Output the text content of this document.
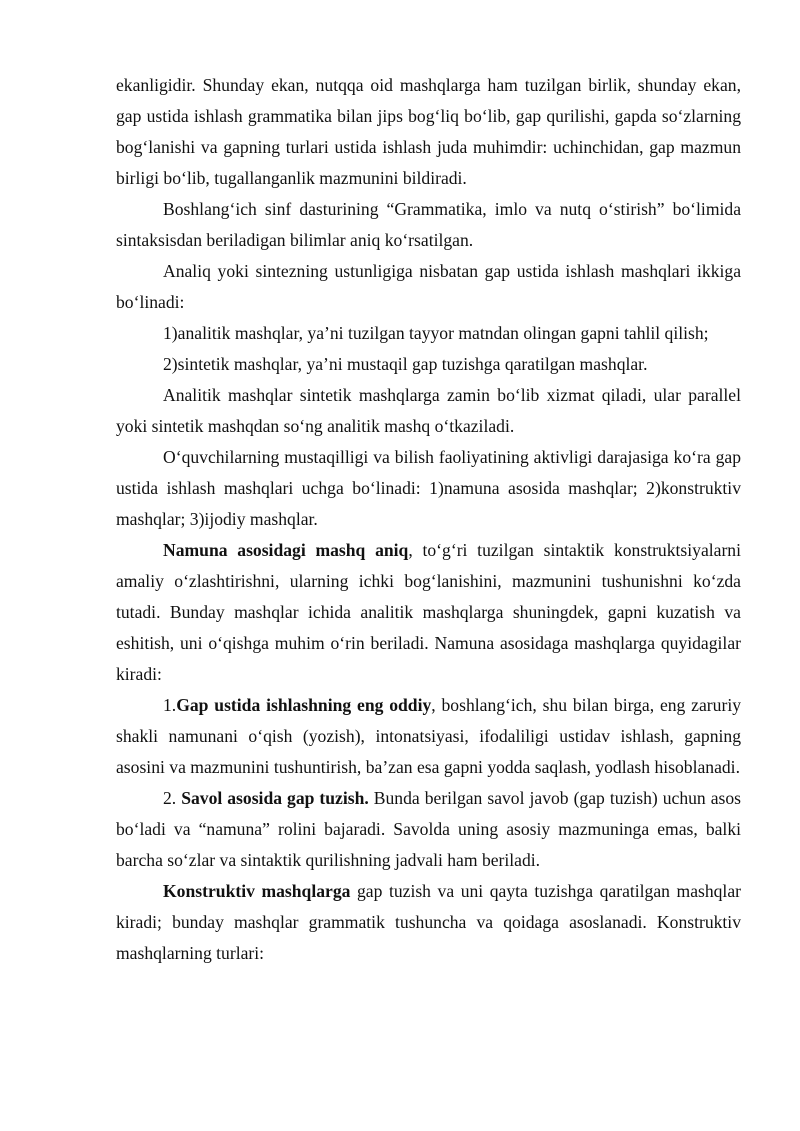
ekanligidir. Shunday ekan, nutqqa oid mashqlarga ham tuzilgan birlik, shunday ekan, gap ustida ishlash grammatika bilan jips bog‘liq bo‘lib, gap qurilishi, gapda so‘zlarning bog‘lanishi va gapning turlari ustida ishlash juda muhimdir: uchinchidan, gap mazmun birligi bo‘lib, tugallanganlik mazmunini bildiradi.

Boshlang‘ich sinf dasturining “Grammatika, imlo va nutq o‘stirish” bo‘limida sintaksisdan beriladigan bilimlar aniq ko‘rsatilgan.

Analiq yoki sintezning ustunligiga nisbatan gap ustida ishlash mashqlari ikkiga bo‘linadi:

1)analitik mashqlar, ya’ni tuzilgan tayyor matndan olingan gapni tahlil qilish;

2)sintetik mashqlar, ya’ni mustaqil gap tuzishga qaratilgan mashqlar.

Analitik mashqlar sintetik mashqlarga zamin bo‘lib xizmat qiladi, ular parallel yoki sintetik mashqdan so‘ng analitik mashq o‘tkaziladi.

O‘quvchilarning mustaqilligi va bilish faoliyatining aktivligi darajasiga ko‘ra gap ustida ishlash mashqlari uchga bo‘linadi: 1)namuna asosida mashqlar; 2)konstruktiv mashqlar; 3)ijodiy mashqlar.

Namuna asosidagi mashq aniq, to‘g‘ri tuzilgan sintaktik konstruktsiyalarni amaliy o‘zlashtirishni, ularning ichki bog‘lanishini, mazmunini tushunishni ko‘zda tutadi. Bunday mashqlar ichida analitik mashqlarga shuningdek, gapni kuzatish va eshitish, uni o‘qishga muhim o‘rin beriladi. Namuna asosidaga mashqlarga quyidagilar kiradi:

1.Gap ustida ishlashning eng oddiy, boshlang‘ich, shu bilan birga, eng zaruriy shakli namunani o‘qish (yozish), intonatsiyasi, ifodaliligi ustidav ishlash, gapning asosini va mazmunini tushuntirish, ba’zan esa gapni yodda saqlash, yodlash hisoblanadi.

2. Savol asosida gap tuzish. Bunda berilgan savol javob (gap tuzish) uchun asos bo‘ladi va “namuna” rolini bajaradi. Savolda uning asosiy mazmuninga emas, balki barcha so‘zlar va sintaktik qurilishning jadvali ham beriladi.

Konstruktiv mashqlarga gap tuzish va uni qayta tuzishga qaratilgan mashqlar kiradi; bunday mashqlar grammatik tushuncha va qoidaga asoslanadi. Konstruktiv mashqlarning turlari:
